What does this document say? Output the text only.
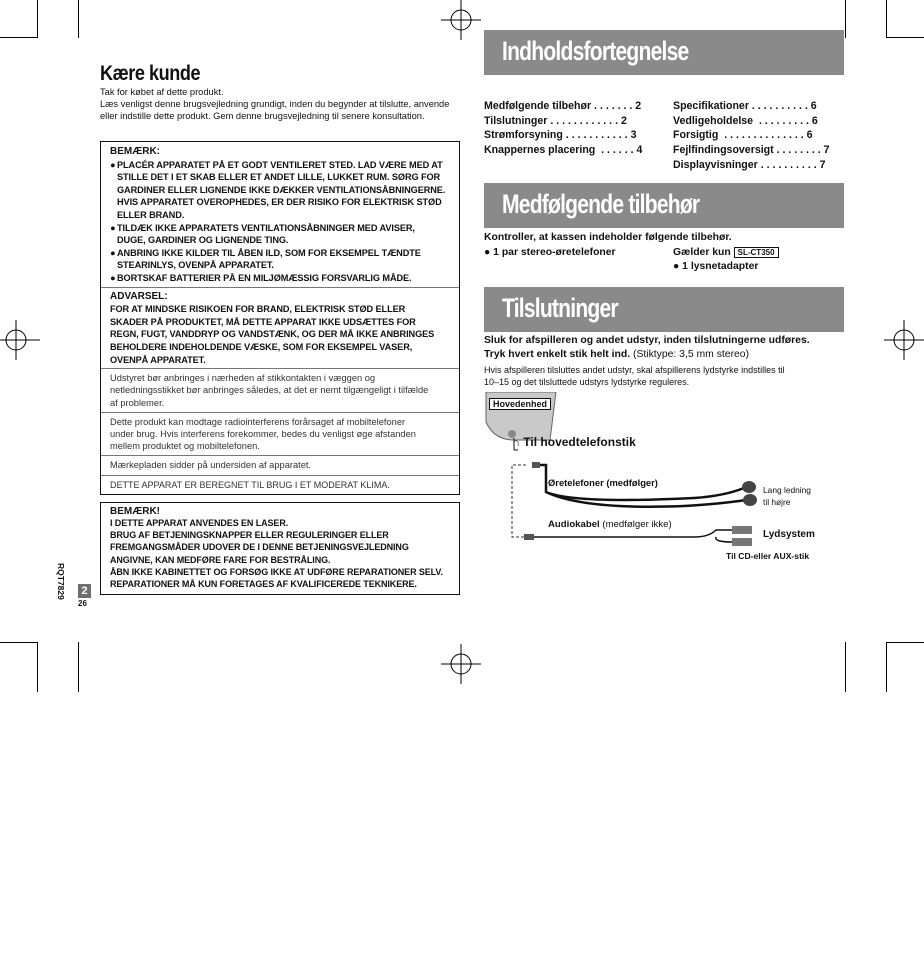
Kære kunde
Tak for købet af dette produkt.
Læs venligst denne brugsvejledning grundigt, inden du begynder at tilslutte, anvende
eller indstille dette produkt. Gem denne brugsvejledning til senere konsultation.
BEMÆRK:
● PLACÉR APPARATET PÅ ET GODT VENTILERET STED. LAD VÆRE MED AT
STILLE DET I ET SKAB ELLER ET ANDET LILLE, LUKKET RUM. SØRG FOR
GARDINER ELLER LIGNENDE IKKE DÆKKER VENTILATIONSÅBNINGERNE.
HVIS APPARATET OVEROPHEDES, ER DER RISIKO FOR ELEKTRISK STØD
ELLER BRAND.
● TILDÆK IKKE APPARATETS VENTILATIONSÅBNINGER MED AVISER,
DUGE, GARDINER OG LIGNENDE TING.
● ANBRING IKKE KILDER TIL ÅBEN ILD, SOM FOR EKSEMPEL TÆNDTE
STEARINLYS, OVENPÅ APPARATET.
● BORTSKAF BATTERIER PÅ EN MILJØMÆSSIG FORSVARLIG MÅDE.
ADVARSEL:
FOR AT MINDSKE RISIKOEN FOR BRAND, ELEKTRISK STØD ELLER
SKADER PÅ PRODUKTET, MÅ DETTE APPARAT IKKE UDSÆTTES FOR
REGN, FUGT, VANDDRYP OG VANDSTÆNK, OG DER MÅ IKKE ANBRINGES
BEHOLDERE INDEHOLDENDE VÆSKE, SOM FOR EKSEMPEL VASER,
OVENPÅ APPARATET.
Udstyret bør anbringes i nærheden af stikkontakten i væggen og
netledningsstikket bør anbringes således, at det er nemt tilgængeligt i tilfælde
af problemer.
Dette produkt kan modtage radiointerferens forårsaget af mobiltelefoner
under brug. Hvis interferens forekommer, bedes du venligst øge afstanden
mellem produktet og mobiltelefonen.
Mærkepladen sidder på undersiden af apparatet.
DETTE APPARAT ER BEREGNET TIL BRUG I ET MODERAT KLIMA.
BEMÆRK!
I DETTE APPARAT ANVENDES EN LASER.
BRUG AF BETJENINGSKNAPPER ELLER REGULERINGER ELLER
FREMGANGSMÅDER UDOVER DE I DENNE BETJENINGSVEJLEDNING
ANGIVNE, KAN MEDFØRE FARE FOR BESTRÅLING.
ÅBN IKKE KABINETTET OG FORSØG IKKE AT UDFØRE REPARATIONER SELV.
REPARATIONER MÅ KUN FORETAGES AF KVALIFICEREDE TEKNIKERE.
RQT7829	2
26
Indholdsfortegnelse
Medfølgende tilbehør . . . . . . . 2
Tilslutninger . . . . . . . . . . . . 2
Strømforsyning . . . . . . . . . . . 3
Knappernes placering  . . . . . . 4
Specifikationer . . . . . . . . . . 6
Vedligeholdelse  . . . . . . . . . 6
Forsigtig  . . . . . . . . . . . . . . 6
Fejlfindingsoversigt . . . . . . . . 7
Displayvisninger . . . . . . . . . . 7
Medfølgende tilbehør
Kontroller, at kassen indeholder følgende tilbehør.
● 1 par stereo-øretelefoner	Gælder kun SL-CT350
● 1 lysnetadapter
Tilslutninger
Sluk for afspilleren og andet udstyr, inden tilslutningerne udføres.
Tryk hvert enkelt stik helt ind. (Stiktype: 3,5 mm stereo)
Hvis afspilleren tilsluttes andet udstyr, skal afspillerens lydstyrke indstilles til
10–15 og det tilsluttede udstyrs lydstyrke reguleres.
Hovedenhed
∩ Til hovedtelefonstik
Øretelefoner (medfølger)
Lang ledning
til højre
Audiokabel (medfølger ikke)
Lydsystem
Til CD-eller AUX-stik
